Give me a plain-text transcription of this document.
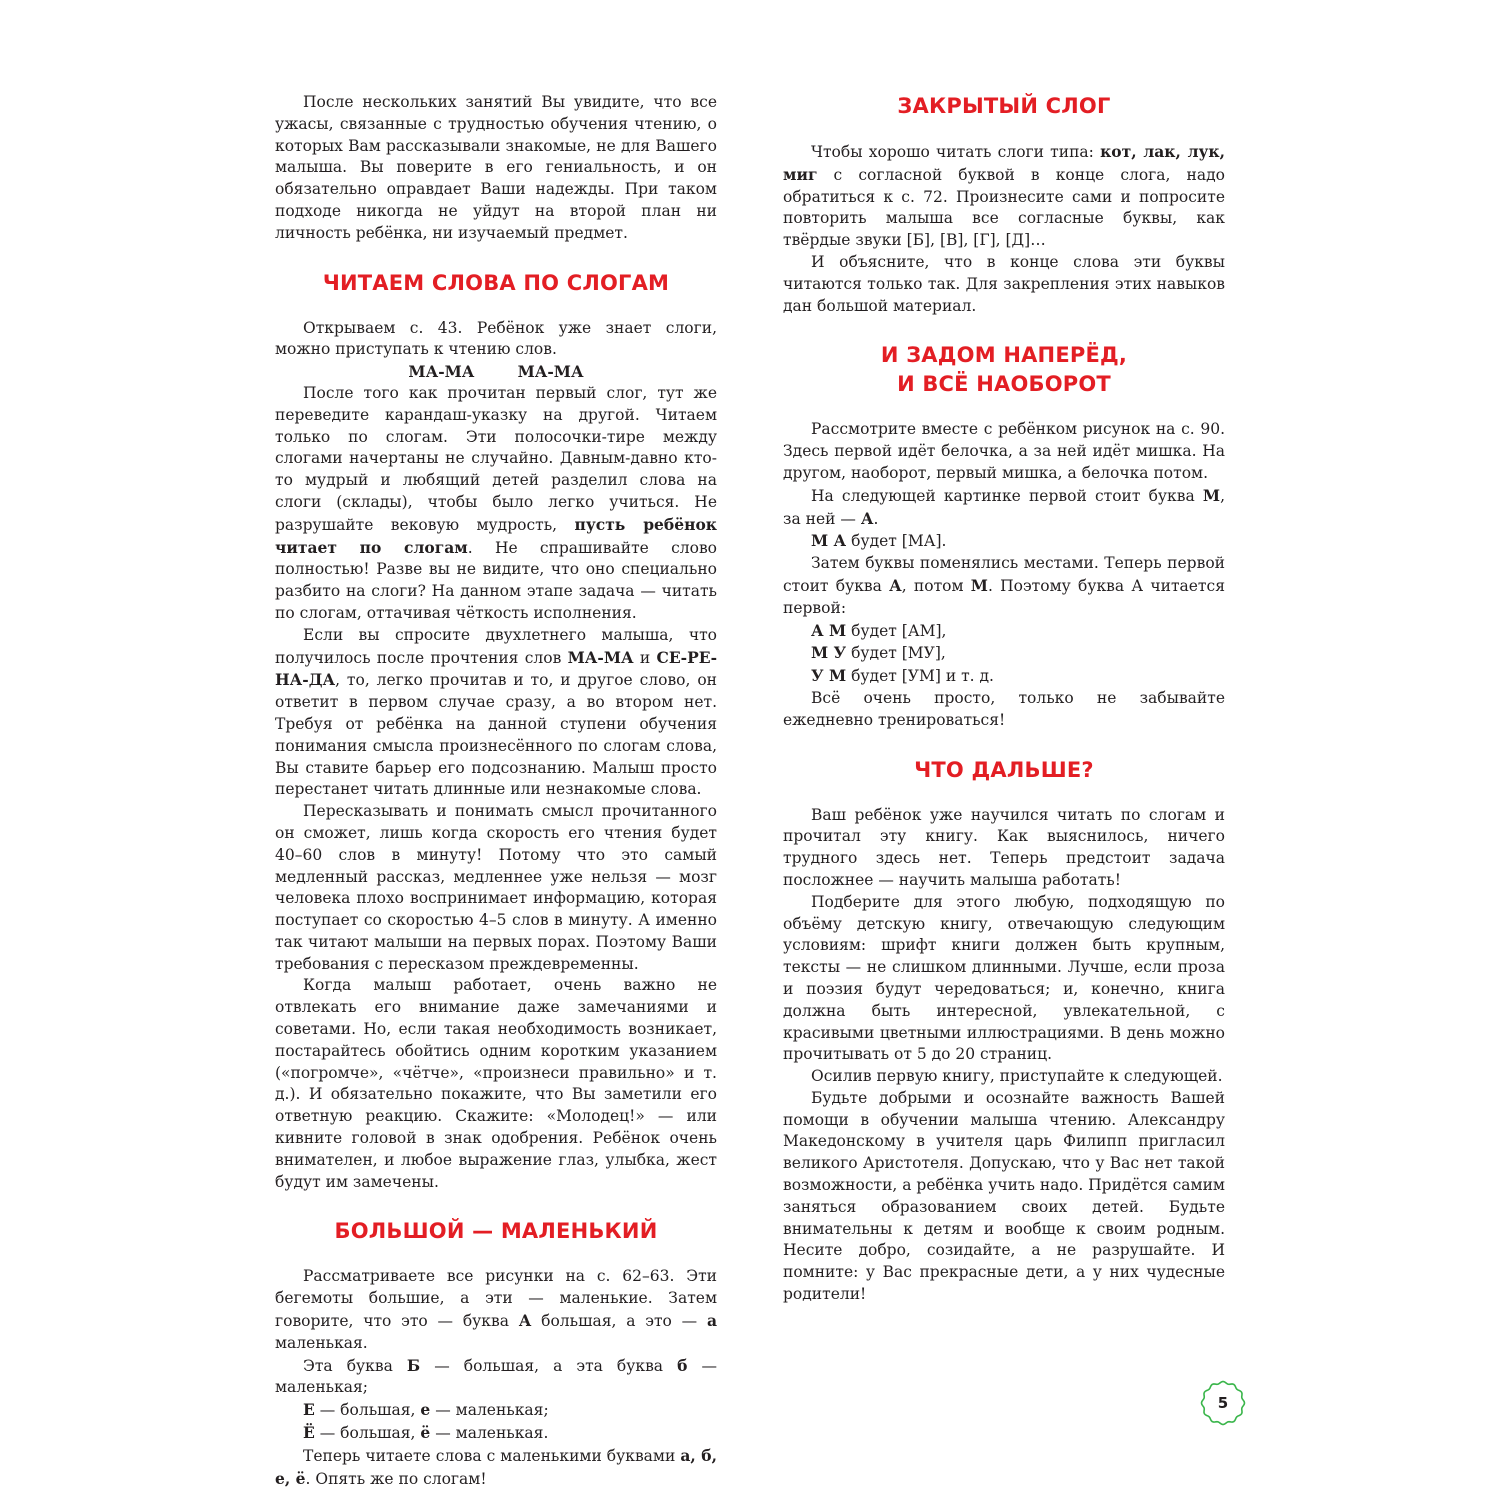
После нескольких занятий Вы увидите, что все ужасы, связанные с трудностью обучения чтению, о которых Вам рассказывали знакомые, не для Вашего малыша. Вы поверите в его гениальность, и он обязательно оправдает Ваши надежды. При таком подходе никогда не уйдут на второй план ни личность ребёнка, ни изучаемый предмет.

ЧИТАЕМ СЛОВА ПО СЛОГАМ

Открываем с. 43. Ребёнок уже знает слоги, можно приступать к чтению слов.

МА-МА        МА-МА

После того как прочитан первый слог, тут же переведите карандаш-указку на другой. Читаем только по слогам. Эти полосочки-тире между слогами начертаны не случайно. Давным-давно кто-то мудрый и любящий детей разделил слова на слоги (склады), чтобы было легко учиться. Не разрушайте вековую мудрость, пусть ребёнок читает по слогам. Не спрашивайте слово полностью! Разве вы не видите, что оно специально разбито на слоги? На данном этапе задача — читать по слогам, оттачивая чёткость исполнения.

Если вы спросите двухлетнего малыша, что получилось после прочтения слов МА-МА и СЕ-РЕ-НА-ДА, то, легко прочитав и то, и другое слово, он ответит в первом случае сразу, а во втором нет. Требуя от ребёнка на данной ступени обучения понимания смысла произнесённого по слогам слова, Вы ставите барьер его подсознанию. Малыш просто перестанет читать длинные или незнакомые слова.

Пересказывать и понимать смысл прочитанного он сможет, лишь когда скорость его чтения будет 40–60 слов в минуту! Потому что это самый медленный рассказ, медленнее уже нельзя — мозг человека плохо воспринимает информацию, которая поступает со скоростью 4–5 слов в минуту. А именно так читают малыши на первых порах. Поэтому Ваши требования с пересказом преждевременны.

Когда малыш работает, очень важно не отвлекать его внимание даже замечаниями и советами. Но, если такая необходимость возникает, постарайтесь обойтись одним коротким указанием («погромче», «чётче», «произнеси правильно» и т. д.). И обязательно покажите, что Вы заметили его ответную реакцию. Скажите: «Молодец!» — или кивните головой в знак одобрения. Ребёнок очень внимателен, и любое выражение глаз, улыбка, жест будут им замечены.

БОЛЬШОЙ — МАЛЕНЬКИЙ

Рассматриваете все рисунки на с. 62–63. Эти бегемоты большие, а эти — маленькие. Затем говорите, что это — буква А большая, а это — а маленькая.

Эта буква Б — большая, а эта буква б — маленькая;

Е — большая, е — маленькая;

Ё — большая, ё — маленькая.

Теперь читаете слова с маленькими буквами а, б, е, ё. Опять же по слогам!

ЗАКРЫТЫЙ СЛОГ

Чтобы хорошо читать слоги типа: кот, лак, лук, миг с согласной буквой в конце слога, надо обратиться к с. 72. Произнесите сами и попросите повторить малыша все согласные буквы, как твёрдые звуки [Б], [В], [Г], [Д]…

И объясните, что в конце слова эти буквы читаются только так. Для закрепления этих навыков дан большой материал.

И ЗАДОМ НАПЕРЁД,
И ВСЁ НАОБОРОТ

Рассмотрите вместе с ребёнком рисунок на с. 90. Здесь первой идёт белочка, а за ней идёт мишка. На другом, наоборот, первый мишка, а белочка потом.

На следующей картинке первой стоит буква М, за ней — А.

М А будет [МА].

Затем буквы поменялись местами. Теперь первой стоит буква А, потом М. Поэтому буква А читается первой:

А М будет [АМ],

М У будет [МУ],

У М будет [УМ] и т. д.

Всё очень просто, только не забывайте ежедневно тренироваться!

ЧТО ДАЛЬШЕ?

Ваш ребёнок уже научился читать по слогам и прочитал эту книгу. Как выяснилось, ничего трудного здесь нет. Теперь предстоит задача посложнее — научить малыша работать!

Подберите для этого любую, подходящую по объёму детскую книгу, отвечающую следующим условиям: шрифт книги должен быть крупным, тексты — не слишком длинными. Лучше, если проза и поэзия будут чередоваться; и, конечно, книга должна быть интересной, увлекательной, с красивыми цветными иллюстрациями. В день можно прочитывать от 5 до 20 страниц.

Осилив первую книгу, приступайте к следующей.

Будьте добрыми и осознайте важность Вашей помощи в обучении малыша чтению. Александру Македонскому в учителя царь Филипп пригласил великого Аристотеля. Допускаю, что у Вас нет такой возможности, а ребёнка учить надо. Придётся самим заняться образованием своих детей. Будьте внимательны к детям и вообще к своим родным. Несите добро, созидайте, а не разрушайте. И помните: у Вас прекрасные дети, а у них чудесные родители!

5
